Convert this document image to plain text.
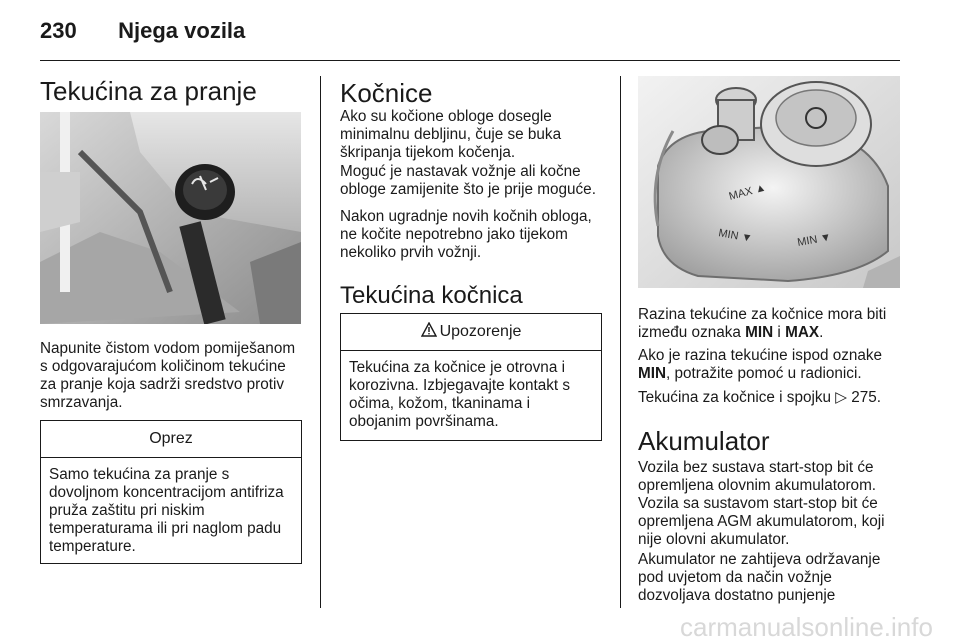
230 Njega vozila
Tekućina za pranje

Napunite čistom vodom pomiješanom s odgovarajućom količinom tekućine za pranje koja sadrži sredstvo protiv smrzavanja.

Oprez
Samo tekućina za pranje s dovoljnom koncentracijom antifriza pruža zaštitu pri niskim temperaturama ili pri naglom padu temperature.
Kočnice

Ako su kočione obloge dosegle minimalnu debljinu, čuje se buka škripanja tijekom kočenja.

Moguć je nastavak vožnje ali kočne obloge zamijenite što je prije moguće.

Nakon ugradnje novih kočnih obloga, ne kočite nepotrebno jako tijekom nekoliko prvih vožnji.

Tekućina kočnica
Upozorenje
Tekućina za kočnice je otrovna i korozivna. Izbjegavajte kontakt s očima, kožom, tkaninama i obojanim površinama.
MAX ▲
MIN ▼	MIN ▼

Razina tekućine za kočnice mora biti između oznaka MIN i MAX.

Ako je razina tekućine ispod oznake MIN, potražite pomoć u radionici.

Tekućina za kočnice i spojku ▷ 275.

Akumulator

Vozila bez sustava start-stop bit će opremljena olovnim akumulatorom. Vozila sa sustavom start-stop bit će opremljena AGM akumulatorom, koji nije olovni akumulator.

Akumulator ne zahtijeva održavanje pod uvjetom da način vožnje dozvoljava dostatno punjenje

carmanualsonline.info
